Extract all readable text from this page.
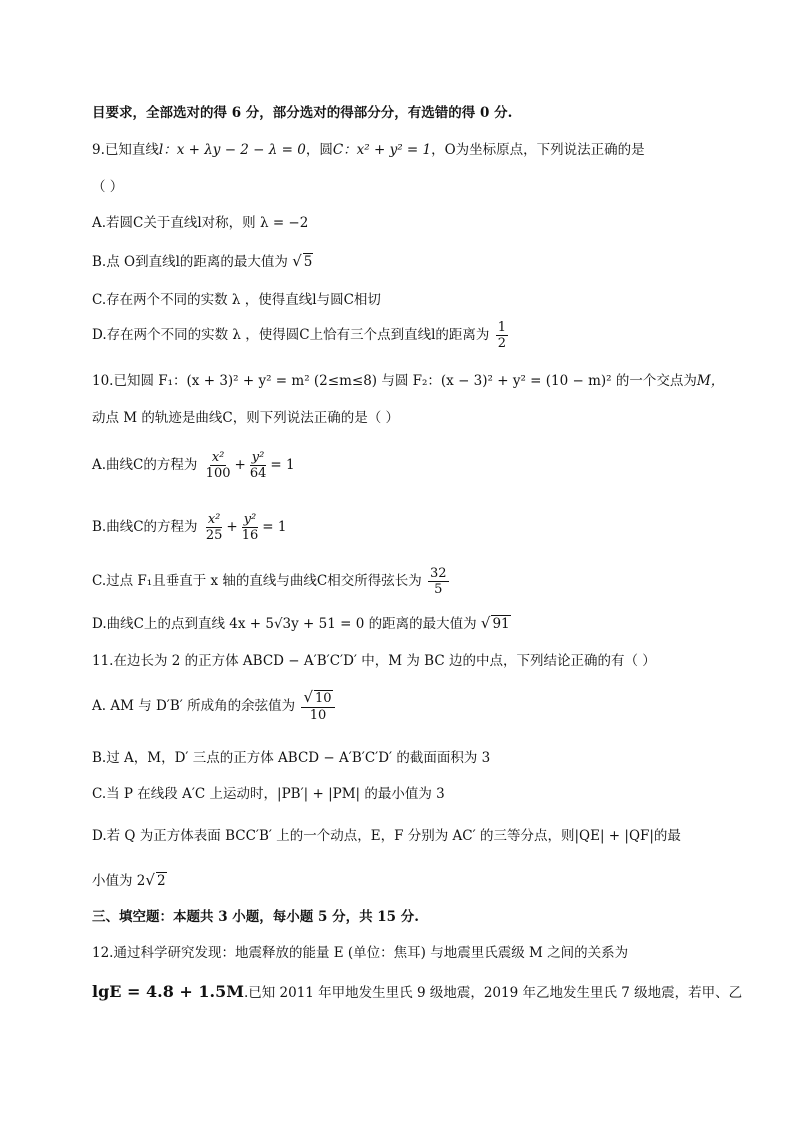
目要求，全部选对的得 6 分，部分选对的得部分分，有选错的得 0 分.
9.已知直线l：x + λy − 2 − λ = 0，圆C：x² + y² = 1，O为坐标原点，下列说法正确的是
（ ）
A.若圆C关于直线l对称，则 λ = −2
B.点 O到直线l的距离的最大值为 √ 5
C.存在两个不同的实数 λ ，使得直线l与圆C相切
D.存在两个不同的实数 λ ，使得圆C上恰有三个点到直线l的距离为 $\frac{1}{2}$
10.已知圆 F₁：(x + 3)² + y² = m² (2≤m≤8) 与圆 F₂：(x − 3)² + y² = (10 − m)² 的一个交点为M，
动点 M 的轨迹是曲线C，则下列说法正确的是（ ）
A.曲线C的方程为 $\frac{\text{x²}}{100} + \frac{\text{y²}}{64} = 1$
B.曲线C的方程为 $\frac{\text{x²}}{25} + \frac{\text{y²}}{16} = 1$
C.过点 F₁且垂直于 x 轴的直线与曲线C相交所得弦长为 $\frac{32}{5}$
D.曲线C上的点到直线 4x + 5√3y + 51 = 0 的距离的最大值为 √ 91
11.在边长为 2 的正方体 ABCD − A′B′C′D′ 中，M 为 BC 边的中点，下列结论正确的有（ ）
A. AM 与 D′B′ 所成角的余弦值为 $\frac{√ 10}{10}$
B.过 A，M，D′ 三点的正方体 ABCD − A′B′C′D′ 的截面面积为 3
C.当 P 在线段 A′C 上运动时，|PB′| + |PM| 的最小值为 3
D.若 Q 为正方体表面 BCC′B′ 上的一个动点，E，F 分别为 AC′ 的三等分点，则|QE| + |QF|的最
小值为 2√ 2
三、填空题：本题共 3 小题，每小题 5 分，共 15 分.
12.通过科学研究发现：地震释放的能量 E (单位：焦耳) 与地震里氏震级 M 之间的关系为
lgE = 4.8 + 1.5M.已知 2011 年甲地发生里氏 9 级地震，2019 年乙地发生里氏 7 级地震，若甲、乙
